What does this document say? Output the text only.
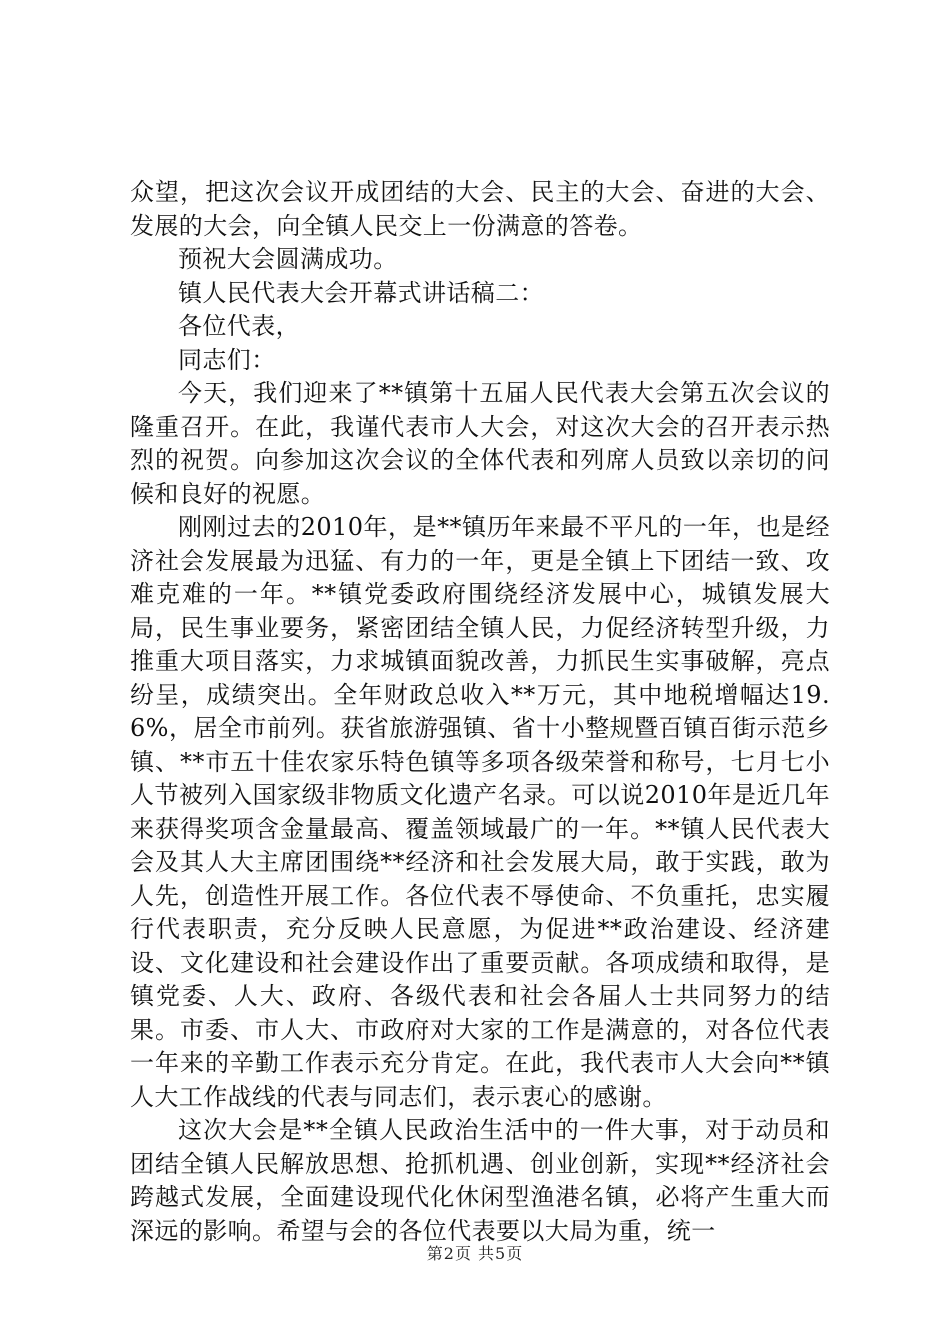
众望，把这次会议开成团结的大会、民主的大会、奋进的大会、发展的大会，向全镇人民交上一份满意的答卷。

预祝大会圆满成功。

镇人民代表大会开幕式讲话稿二：

各位代表，

同志们：

今天，我们迎来了**镇第十五届人民代表大会第五次会议的隆重召开。在此，我谨代表市人大会，对这次大会的召开表示热烈的祝贺。向参加这次会议的全体代表和列席人员致以亲切的问候和良好的祝愿。

刚刚过去的2010年，是**镇历年来最不平凡的一年，也是经济社会发展最为迅猛、有力的一年，更是全镇上下团结一致、攻难克难的一年。**镇党委政府围绕经济发展中心，城镇发展大局，民生事业要务，紧密团结全镇人民，力促经济转型升级，力推重大项目落实，力求城镇面貌改善，力抓民生实事破解，亮点纷呈，成绩突出。全年财政总收入**万元，其中地税增幅达19.6%，居全市前列。获省旅游强镇、省十小整规暨百镇百街示范乡镇、**市五十佳农家乐特色镇等多项各级荣誉和称号，七月七小人节被列入国家级非物质文化遗产名录。可以说2010年是近几年来获得奖项含金量最高、覆盖领域最广的一年。**镇人民代表大会及其人大主席团围绕**经济和社会发展大局，敢于实践，敢为人先，创造性开展工作。各位代表不辱使命、不负重托，忠实履行代表职责，充分反映人民意愿，为促进**政治建设、经济建设、文化建设和社会建设作出了重要贡献。各项成绩和取得，是镇党委、人大、政府、各级代表和社会各届人士共同努力的结果。市委、市人大、市政府对大家的工作是满意的，对各位代表一年来的辛勤工作表示充分肯定。在此，我代表市人大会向**镇人大工作战线的代表与同志们，表示衷心的感谢。

这次大会是**全镇人民政治生活中的一件大事，对于动员和团结全镇人民解放思想、抢抓机遇、创业创新，实现**经济社会跨越式发展，全面建设现代化休闲型渔港名镇，必将产生重大而深远的影响。希望与会的各位代表要以大局为重，统一

第2页 共5页
